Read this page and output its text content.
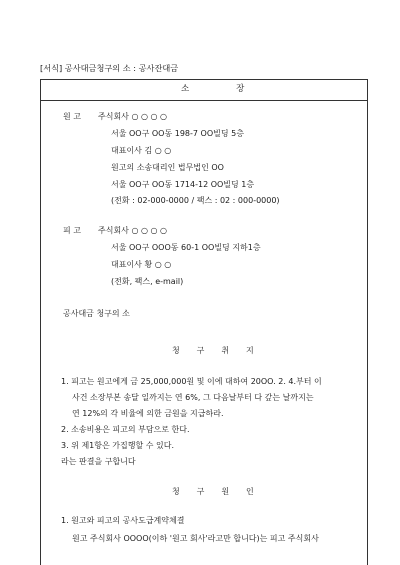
[서식] 공사대금청구의 소 : 공사잔대금
소 장
원 고 주식회사 ○ ○ ○ ○
서울 OO구 OO동 198-7 OO빌딩 5층
대표이사 김 ○ ○
원고의 소송대리인 법무법인 OO
서울 OO구 OO동 1714-12 OO빌딩 1층
(전화 : 02-000-0000 / 팩스 : 02 : 000-0000)
피 고 주식회사 ○ ○ ○ ○
서울 OO구 OOO동 60-1 OO빌딩 지하1층
대표이사 황 ○ ○
(전화, 팩스, e-mail)
공사대금 청구의 소
청 구 취 지
1. 피고는 원고에게 금 25,000,000원 및 이에 대하여 20OO. 2. 4.부터 이
사건 소장부본 송달 일까지는 연 6%, 그 다음날부터 다 갚는 날까지는
연 12%의 각 비율에 의한 금원을 지급하라.
2. 소송비용은 피고의 부담으로 한다.
3. 위 제1항은 가집행할 수 있다.
라는 판결을 구합니다
청 구 원 인
1. 원고와 피고의 공사도급계약체결
원고 주식회사 OOOO(이하 '원고 회사'라고만 합니다)는 피고 주식회사
